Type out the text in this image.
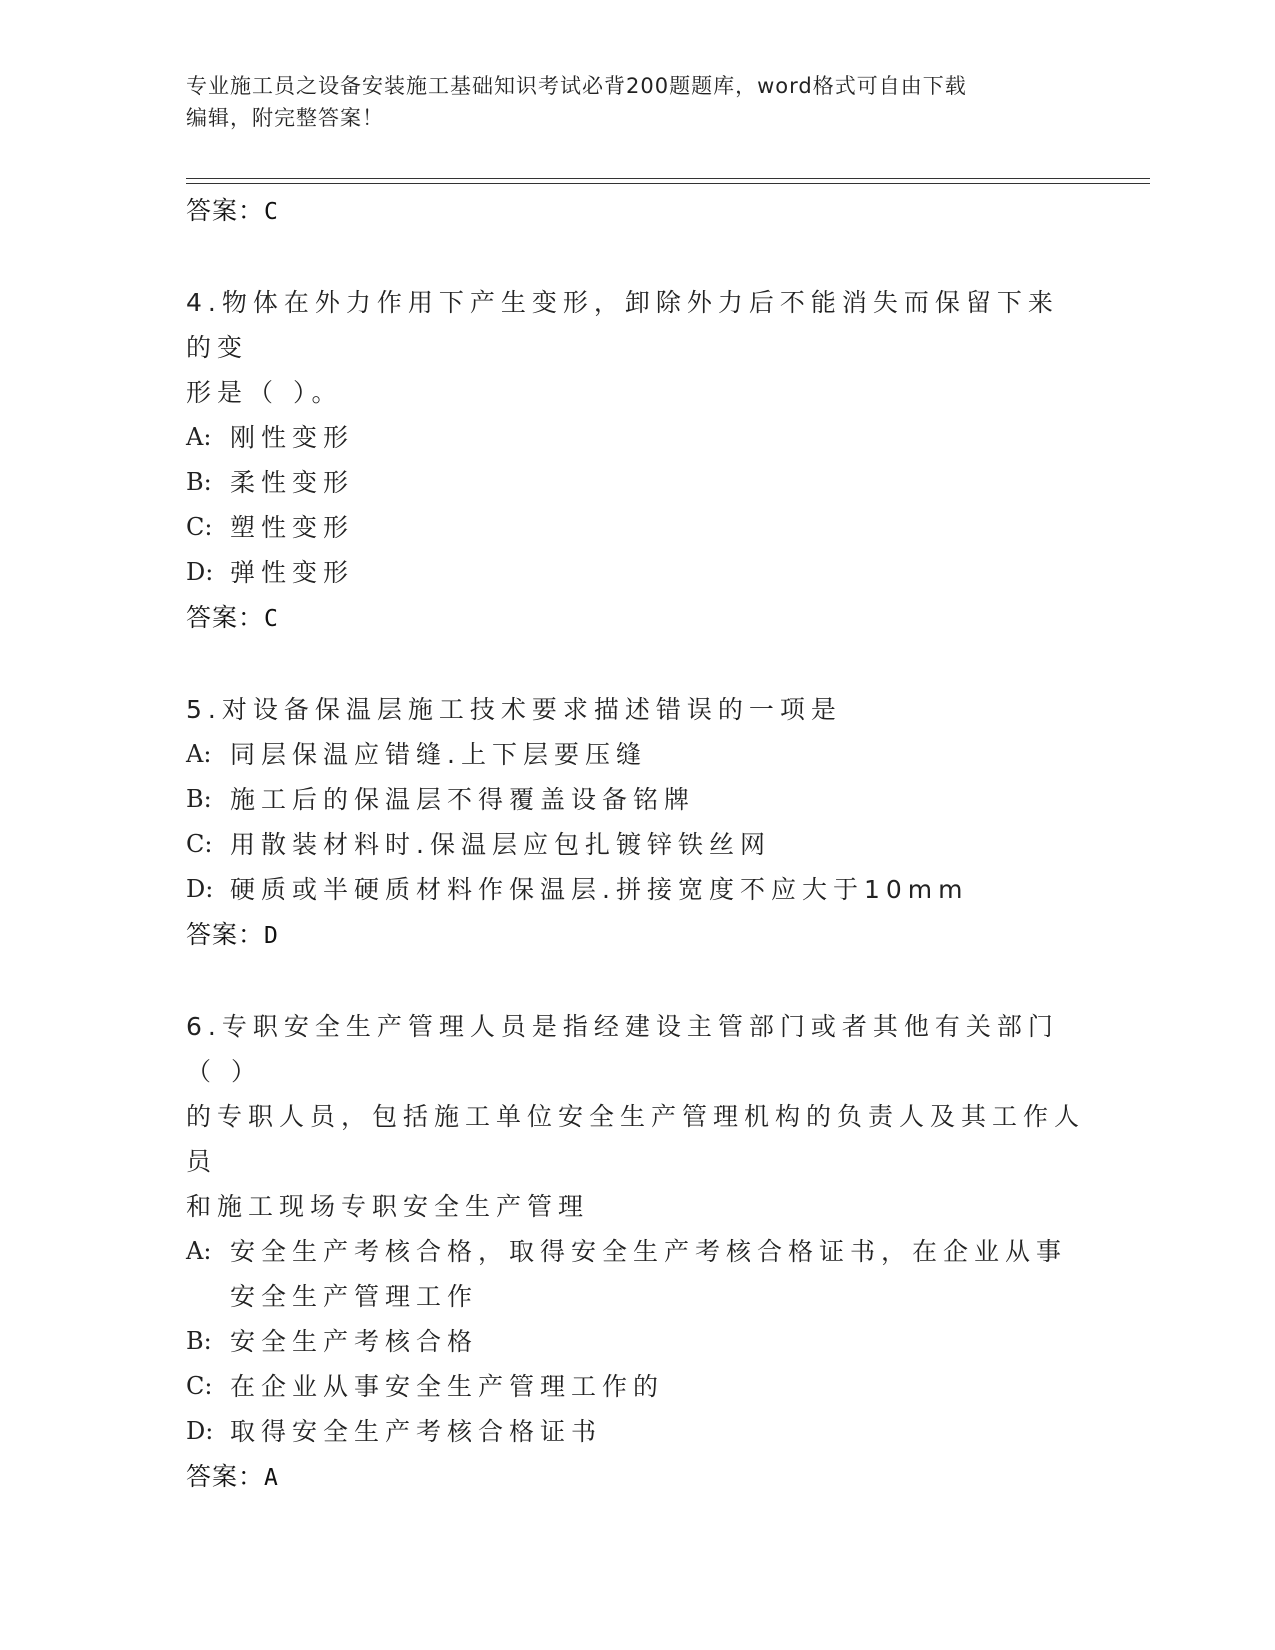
专业施工员之设备安装施工基础知识考试必背200题题库，word格式可自由下载
编辑，附完整答案！
答案：C
4.物体在外力作用下产生变形，卸除外力后不能消失而保留下来的变
形是（ ）。
A: 刚性变形
B: 柔性变形
C: 塑性变形
D: 弹性变形
答案：C
5.对设备保温层施工技术要求描述错误的一项是
A: 同层保温应错缝.上下层要压缝
B: 施工后的保温层不得覆盖设备铭牌
C: 用散装材料时.保温层应包扎镀锌铁丝网
D: 硬质或半硬质材料作保温层.拼接宽度不应大于10mm
答案：D
6.专职安全生产管理人员是指经建设主管部门或者其他有关部门（ ）
的专职人员，包括施工单位安全生产管理机构的负责人及其工作人员
和施工现场专职安全生产管理
A: 安全生产考核合格，取得安全生产考核合格证书，在企业从事安全生产管理工作
B: 安全生产考核合格
C: 在企业从事安全生产管理工作的
D: 取得安全生产考核合格证书
答案：A
